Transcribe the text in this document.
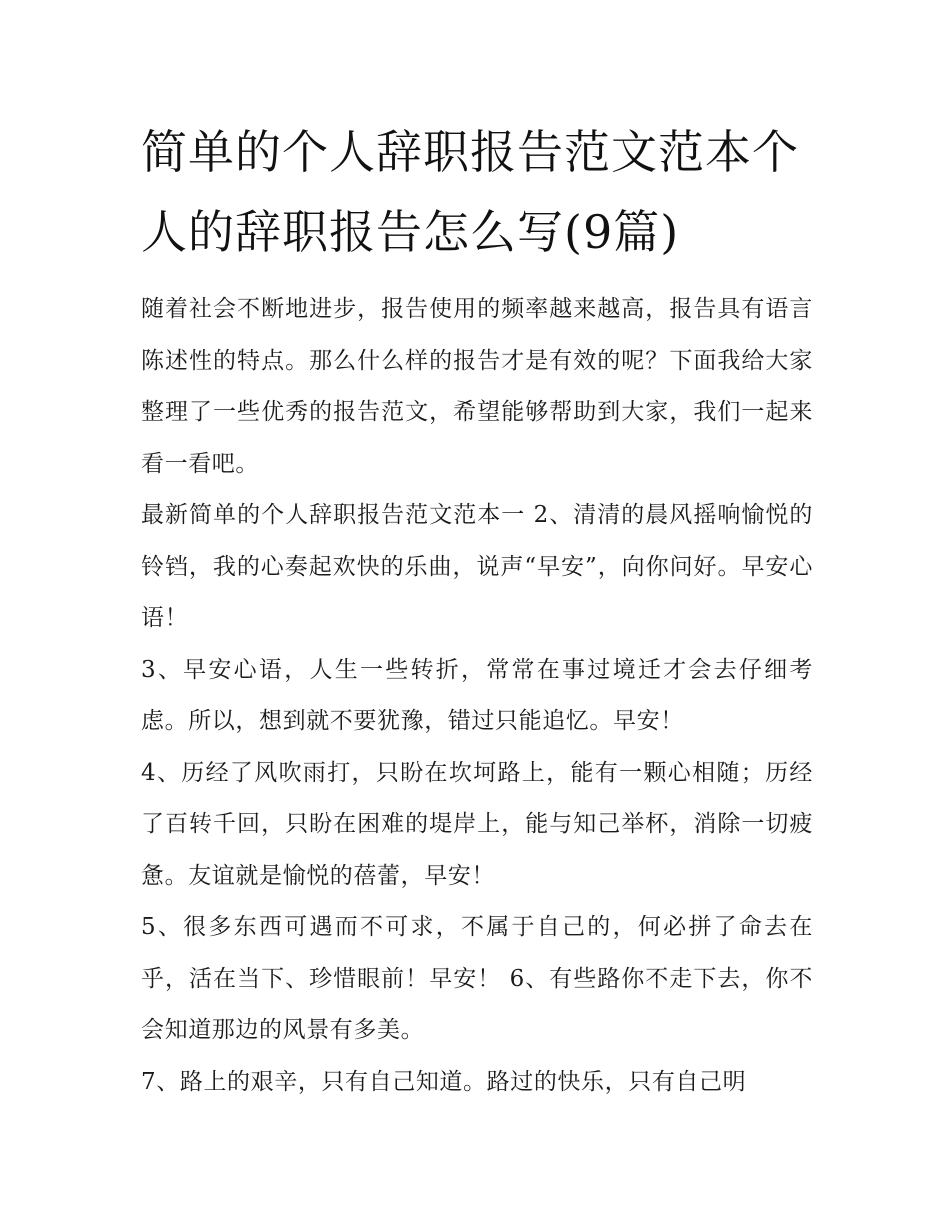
简单的个人辞职报告范文范本个人的辞职报告怎么写(9篇)

随着社会不断地进步，报告使用的频率越来越高，报告具有语言陈述性的特点。那么什么样的报告才是有效的呢？下面我给大家整理了一些优秀的报告范文，希望能够帮助到大家，我们一起来看一看吧。

最新简单的个人辞职报告范文范本一 2、清清的晨风摇响愉悦的铃铛，我的心奏起欢快的乐曲，说声“早安”，向你问好。早安心语！

3、早安心语，人生一些转折，常常在事过境迁才会去仔细考虑。所以，想到就不要犹豫，错过只能追忆。早安！

4、历经了风吹雨打，只盼在坎坷路上，能有一颗心相随；历经了百转千回，只盼在困难的堤岸上，能与知己举杯，消除一切疲惫。友谊就是愉悦的蓓蕾，早安！

5、很多东西可遇而不可求，不属于自己的，何必拼了命去在乎，活在当下、珍惜眼前！早安！ 6、有些路你不走下去，你不会知道那边的风景有多美。

7、路上的艰辛，只有自己知道。路过的快乐，只有自己明
